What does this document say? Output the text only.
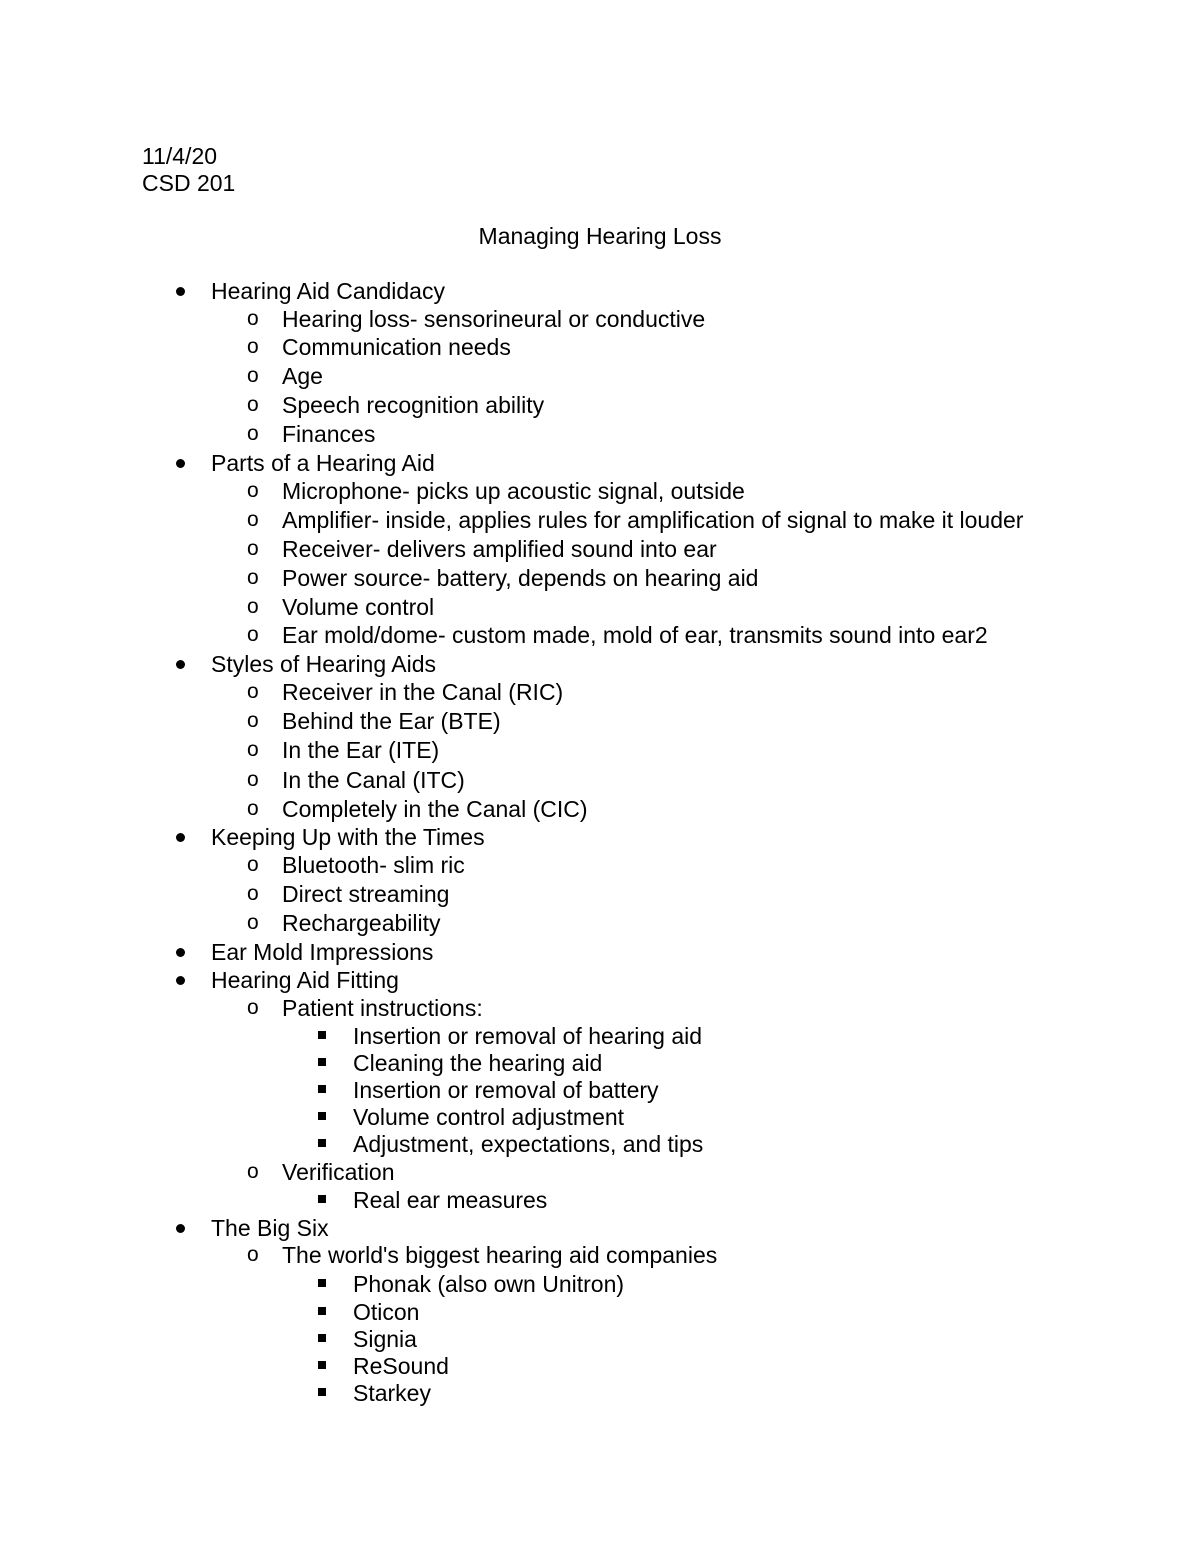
11/4/20
CSD 201
Managing Hearing Loss
Hearing Aid Candidacy
o Hearing loss- sensorineural or conductive
o Communication needs
o Age
o Speech recognition ability
o Finances
Parts of a Hearing Aid
o Microphone- picks up acoustic signal, outside
o Amplifier- inside, applies rules for amplification of signal to make it louder
o Receiver- delivers amplified sound into ear
o Power source- battery, depends on hearing aid
o Volume control
o Ear mold/dome- custom made, mold of ear, transmits sound into ear2
Styles of Hearing Aids
o Receiver in the Canal (RIC)
o Behind the Ear (BTE)
o In the Ear (ITE)
o In the Canal (ITC)
o Completely in the Canal (CIC)
Keeping Up with the Times
o Bluetooth- slim ric
o Direct streaming
o Rechargeability
Ear Mold Impressions
Hearing Aid Fitting
o Patient instructions:
Insertion or removal of hearing aid
Cleaning the hearing aid
Insertion or removal of battery
Volume control adjustment
Adjustment, expectations, and tips
o Verification
Real ear measures
The Big Six
o The world's biggest hearing aid companies
Phonak (also own Unitron)
Oticon
Signia
ReSound
Starkey
